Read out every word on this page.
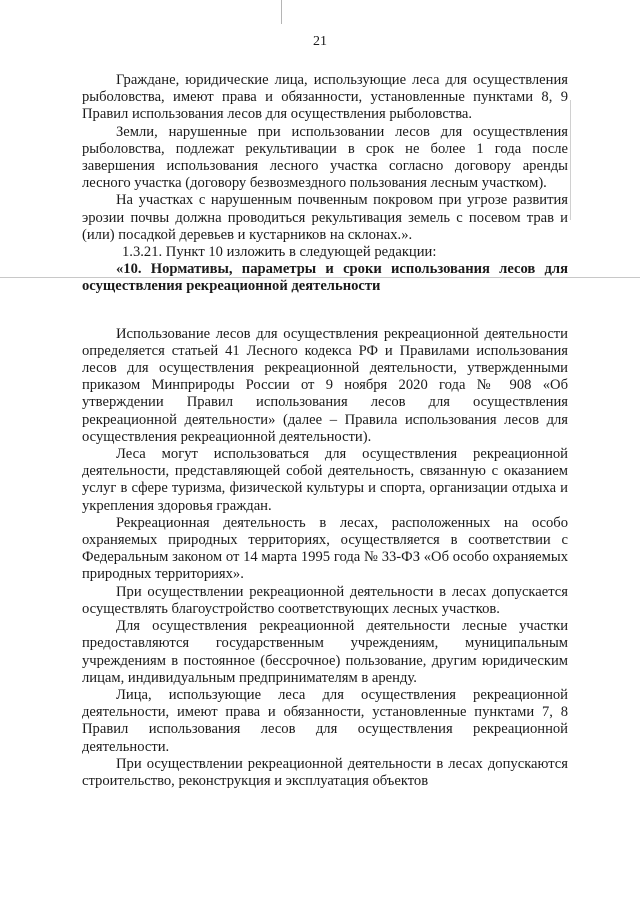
21

Граждане, юридические лица, использующие леса для осуществления рыболовства, имеют права и обязанности, установленные пунктами 8, 9 Правил использования лесов для осуществления рыболовства.

Земли, нарушенные при использовании лесов для осуществления рыболовства, подлежат рекультивации в срок не более 1 года после завершения использования лесного участка согласно договору аренды лесного участка (договору безвозмездного пользования лесным участком).

На участках с нарушенным почвенным покровом при угрозе развития эрозии почвы должна проводиться рекультивация земель с посевом трав и (или) посадкой деревьев и кустарников на склонах.».

1.3.21. Пункт 10 изложить в следующей редакции:

«10. Нормативы, параметры и сроки использования лесов для осуществления рекреационной деятельности

Использование лесов для осуществления рекреационной деятельности определяется статьей 41 Лесного кодекса РФ и Правилами использования лесов для осуществления рекреационной деятельности, утвержденными приказом Минприроды России от 9 ноября 2020 года № 908 «Об утверждении Правил использования лесов для осуществления рекреационной деятельности» (далее – Правила использования лесов для осуществления рекреационной деятельности).

Леса могут использоваться для осуществления рекреационной деятельности, представляющей собой деятельность, связанную с оказанием услуг в сфере туризма, физической культуры и спорта, организации отдыха и укрепления здоровья граждан.

Рекреационная деятельность в лесах, расположенных на особо охраняемых природных территориях, осуществляется в соответствии с Федеральным законом от 14 марта 1995 года № 33-ФЗ «Об особо охраняемых природных территориях».

При осуществлении рекреационной деятельности в лесах допускается осуществлять благоустройство соответствующих лесных участков.

Для осуществления рекреационной деятельности лесные участки предоставляются государственным учреждениям, муниципальным учреждениям в постоянное (бессрочное) пользование, другим юридическим лицам, индивидуальным предпринимателям в аренду.

Лица, использующие леса для осуществления рекреационной деятельности, имеют права и обязанности, установленные пунктами 7, 8 Правил использования лесов для осуществления рекреационной деятельности.

При осуществлении рекреационной деятельности в лесах допускаются строительство, реконструкция и эксплуатация объектов
